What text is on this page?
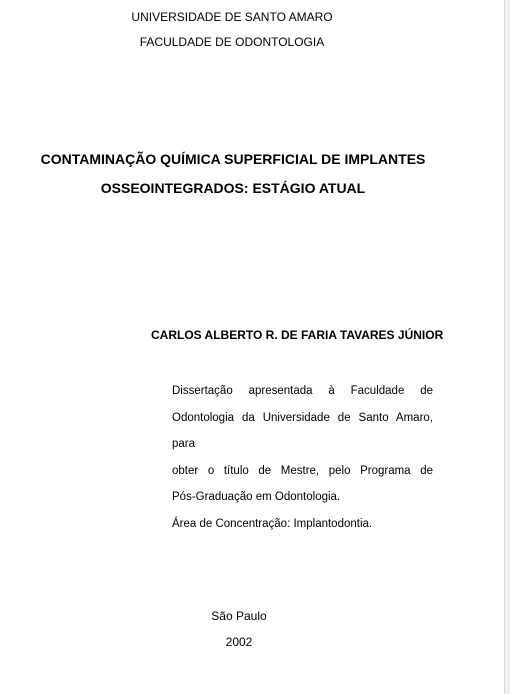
UNIVERSIDADE DE SANTO AMARO
FACULDADE DE ODONTOLOGIA
CONTAMINAÇÃO QUÍMICA SUPERFICIAL DE IMPLANTES
OSSEOINTEGRADOS: ESTÁGIO ATUAL
CARLOS ALBERTO R. DE FARIA TAVARES JÚNIOR
Dissertação apresentada à Faculdade de
Odontologia da Universidade de Santo Amaro, para
obter o título de Mestre, pelo Programa de
Pós-Graduação em Odontologia.
Área de Concentração: Implantodontia.
São Paulo
2002
